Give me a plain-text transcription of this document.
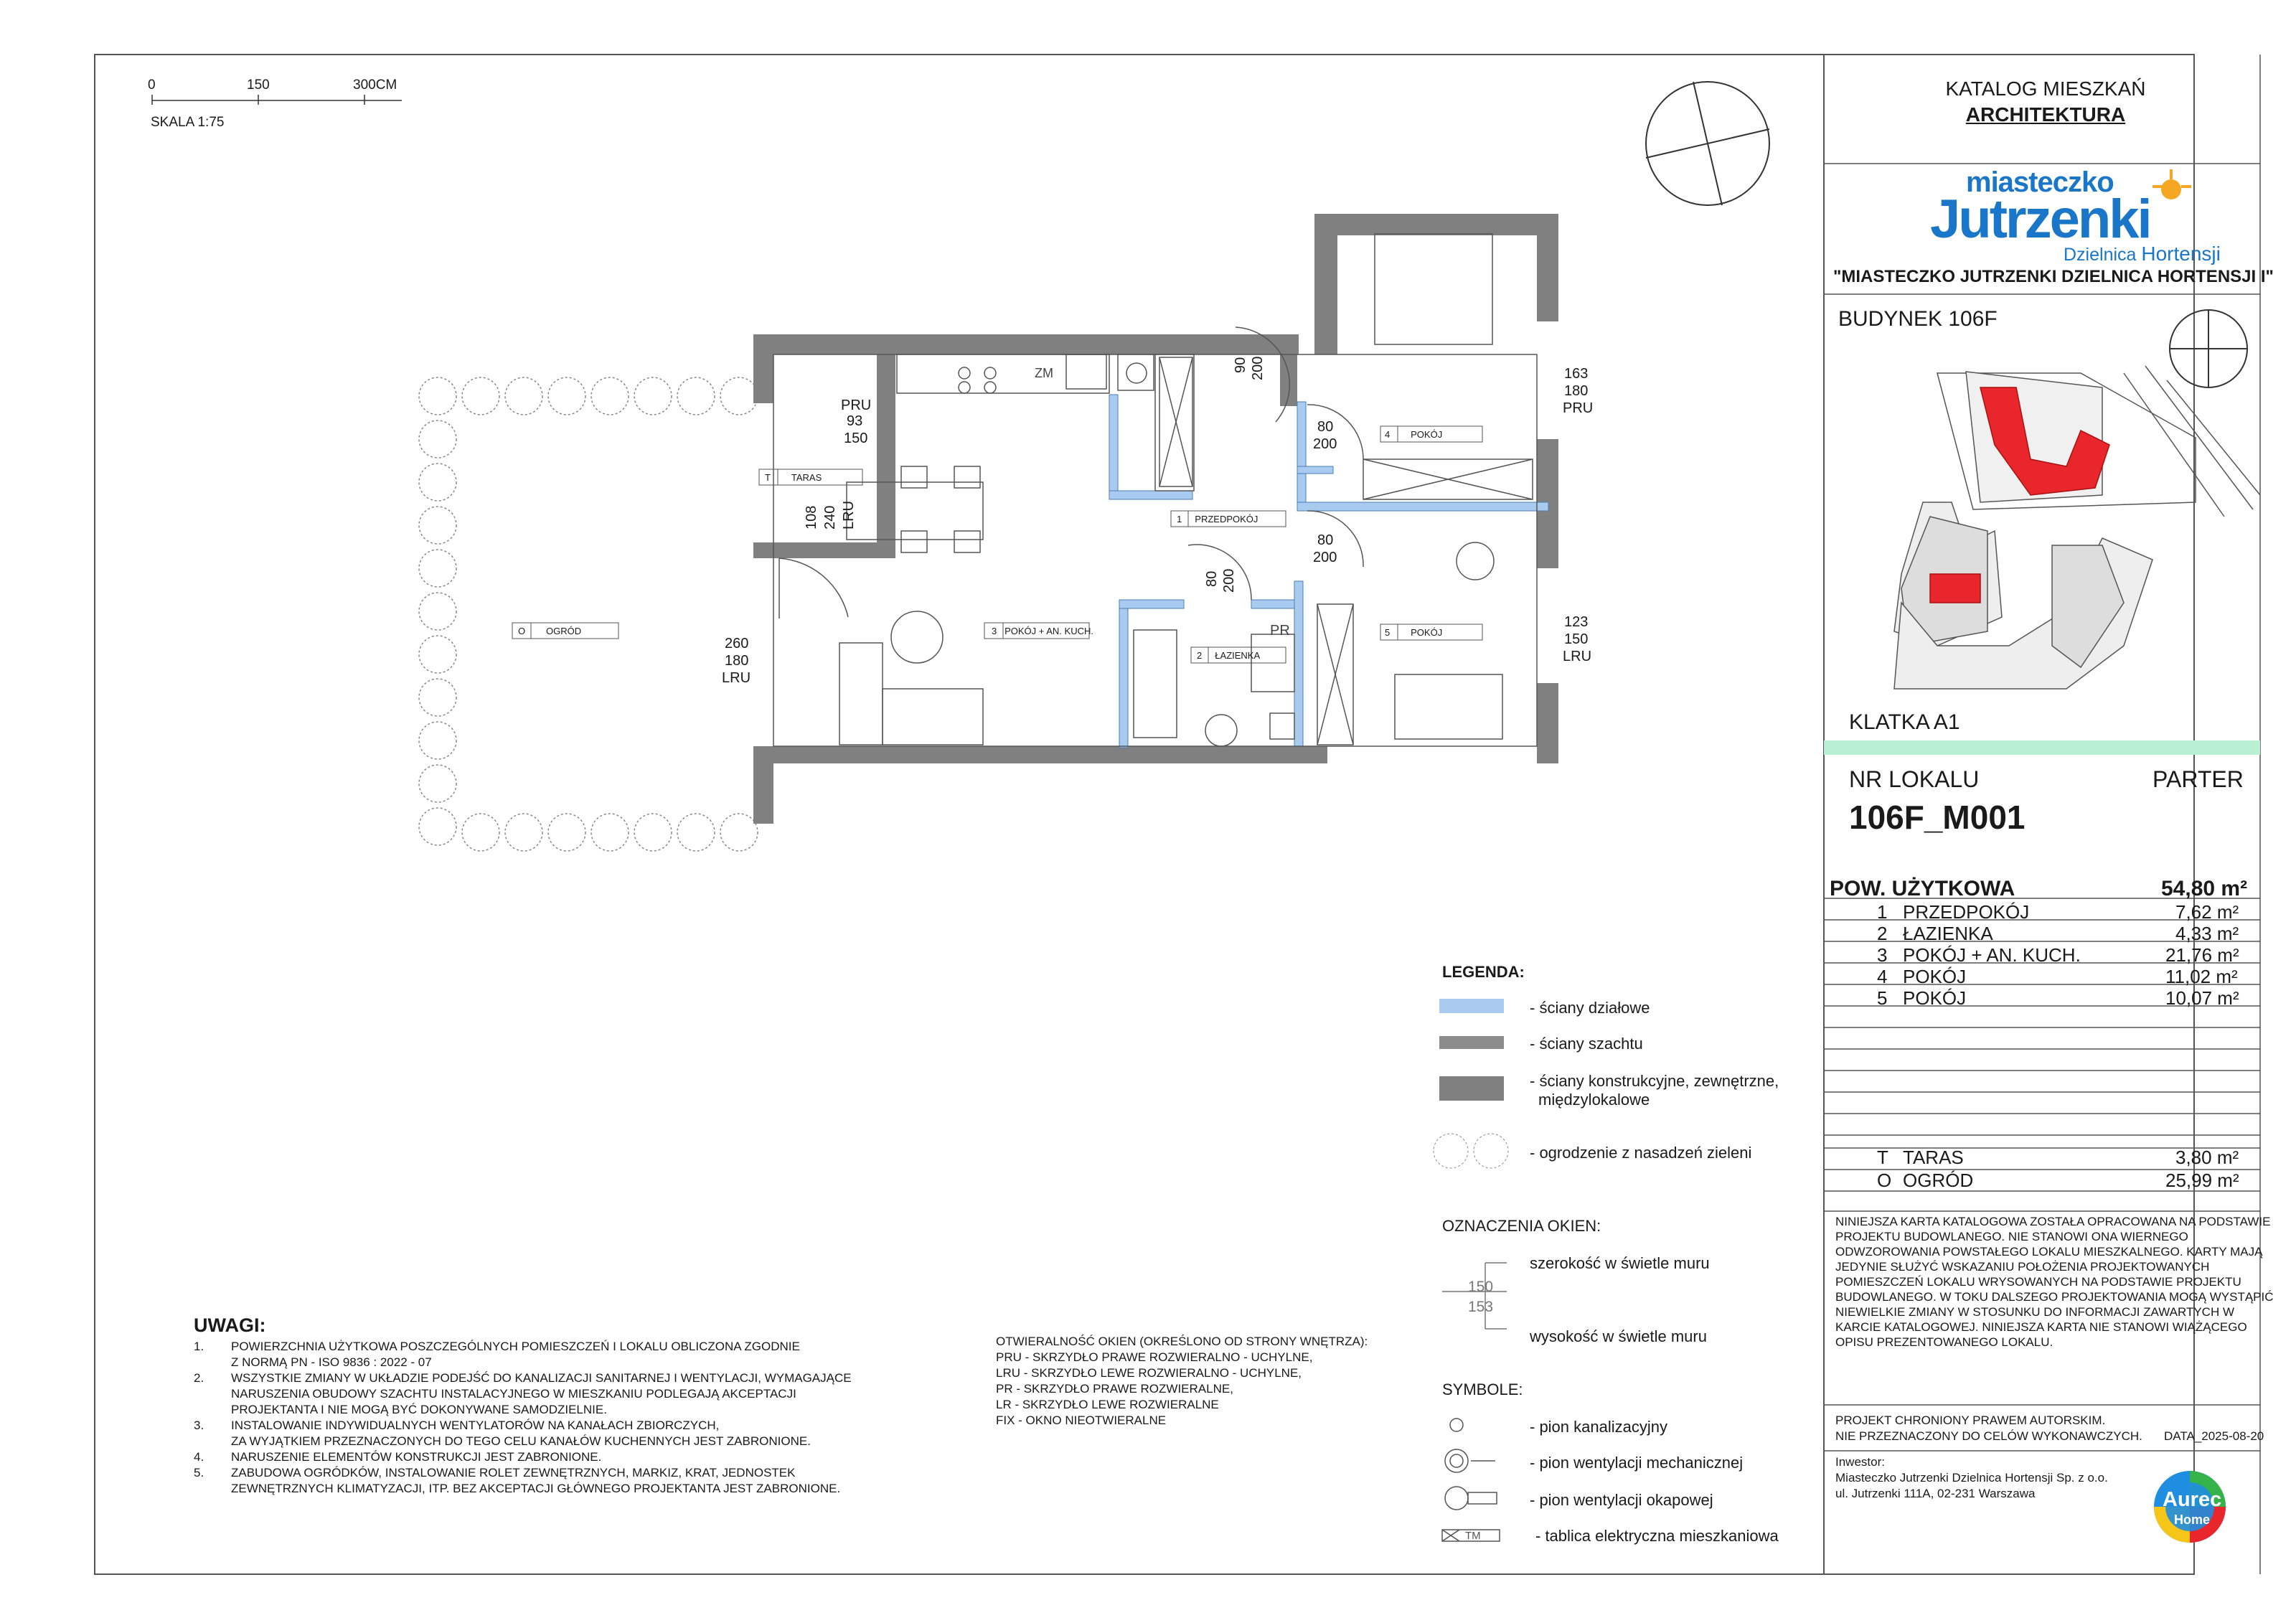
KATALOG MIESZKAŃ
ARCHITEKTURA
miasteczko
Jutrzenki
Dzielnica Hortensji
"MIASTECZKO JUTRZENKI DZIELNICA HORTENSJI I"
BUDYNEK 106F
KLATKA A1
NR LOKALU	PARTER
106F_M001
POW. UŻYTKOWA	54,80 m²
1 PRZEDPOKÓJ	7,62 m²
2 ŁAZIENKA	4,33 m²
3 POKÓJ + AN. KUCH.	21,76 m²
4 POKÓJ	11,02 m²
5 POKÓJ	10,07 m²
T TARAS	3,80 m²
O OGRÓD	25,99 m²
NINIEJSZA KARTA KATALOGOWA ZOSTAŁA OPRACOWANA NA PODSTAWIE PROJEKTU BUDOWLANEGO. NIE STANOWI ONA WIERNEGO ODWZOROWANIA POWSTAŁEGO LOKALU MIESZKALNEGO. KARTY MAJĄ JEDYNIE SŁUŻYĆ WSKAZANIU POŁOŻENIA PROJEKTOWANYCH POMIESZCZEŃ LOKALU WRYSOWANYCH NA PODSTAWIE PROJEKTU BUDOWLANEGO. W TOKU DALSZEGO PROJEKTOWANIA MOGĄ WYSTĄPIĆ NIEWIELKIE ZMIANY W STOSUNKU DO INFORMACJI ZAWARTYCH W KARCIE KATALOGOWEJ. NINIEJSZA KARTA NIE STANOWI WIĄŻĄCEGO OPISU PREZENTOWANEGO LOKALU.
PROJEKT CHRONIONY PRAWEM AUTORSKIM.
NIE PRZEZNACZONY DO CELÓW WYKONAWCZYCH. DATA_2025-08-20
Inwestor:
Miasteczko Jutrzenki Dzielnica Hortensji Sp. z o.o.
ul. Jutrzenki 111A, 02-231 Warszawa	Aurec
Home
0	150	300CM
SKALA 1:75
1 PRZEDPOKÓJ
2 ŁAZIENKA
3 POKÓJ + AN. KUCH.
4 POKÓJ
5 POKÓJ
T TARAS
O OGRÓD
PRU
93
150
108 240 LRU
260
180
LRU
163
180
PRU
123
150
LRU
90 200
80
200
80
200
80 200
ZM
PR
LEGENDA:
- ściany działowe
- ściany szachtu
- ściany konstrukcyjne, zewnętrzne,
międzylokalowe
- ogrodzenie z nasadzeń zieleni
OZNACZENIA OKIEN:
szerokość w świetle muru
wysokość w świetle muru
150
153
SYMBOLE:
- pion kanalizacyjny
- pion wentylacji mechanicznej
- pion wentylacji okapowej
- tablica elektryczna mieszkaniowa
TM
OTWIERALNOŚĆ OKIEN (OKREŚLONO OD STRONY WNĘTRZA):
PRU - SKRZYDŁO PRAWE ROZWIERALNO - UCHYLNE,
LRU - SKRZYDŁO LEWE ROZWIERALNO - UCHYLNE,
PR - SKRZYDŁO PRAWE ROZWIERALNE,
LR - SKRZYDŁO LEWE ROZWIERALNE
FIX - OKNO NIEOTWIERALNE
UWAGI:
1. POWIERZCHNIA UŻYTKOWA POSZCZEGÓLNYCH POMIESZCZEŃ I LOKALU OBLICZONA ZGODNIE
Z NORMĄ PN - ISO 9836 : 2022 - 07
2. WSZYSTKIE ZMIANY W UKŁADZIE PODEJŚĆ DO KANALIZACJI SANITARNEJ I WENTYLACJI, WYMAGAJĄCE
NARUSZENIA OBUDOWY SZACHTU INSTALACYJNEGO W MIESZKANIU PODLEGAJĄ AKCEPTACJI
PROJEKTANTA I NIE MOGĄ BYĆ DOKONYWANE SAMODZIELNIE.
3. INSTALOWANIE INDYWIDUALNYCH WENTYLATORÓW NA KANAŁACH ZBIORCZYCH,
ZA WYJĄTKIEM PRZEZNACZONYCH DO TEGO CELU KANAŁÓW KUCHENNYCH JEST ZABRONIONE.
4. NARUSZENIE ELEMENTÓW KONSTRUKCJI JEST ZABRONIONE.
5. ZABUDOWA OGRÓDKÓW, INSTALOWANIE ROLET ZEWNĘTRZNYCH, MARKIZ, KRAT, JEDNOSTEK
ZEWNĘTRZNYCH KLIMATYZACJI, ITP. BEZ AKCEPTACJI GŁÓWNEGO PROJEKTANTA JEST ZABRONIONE.
